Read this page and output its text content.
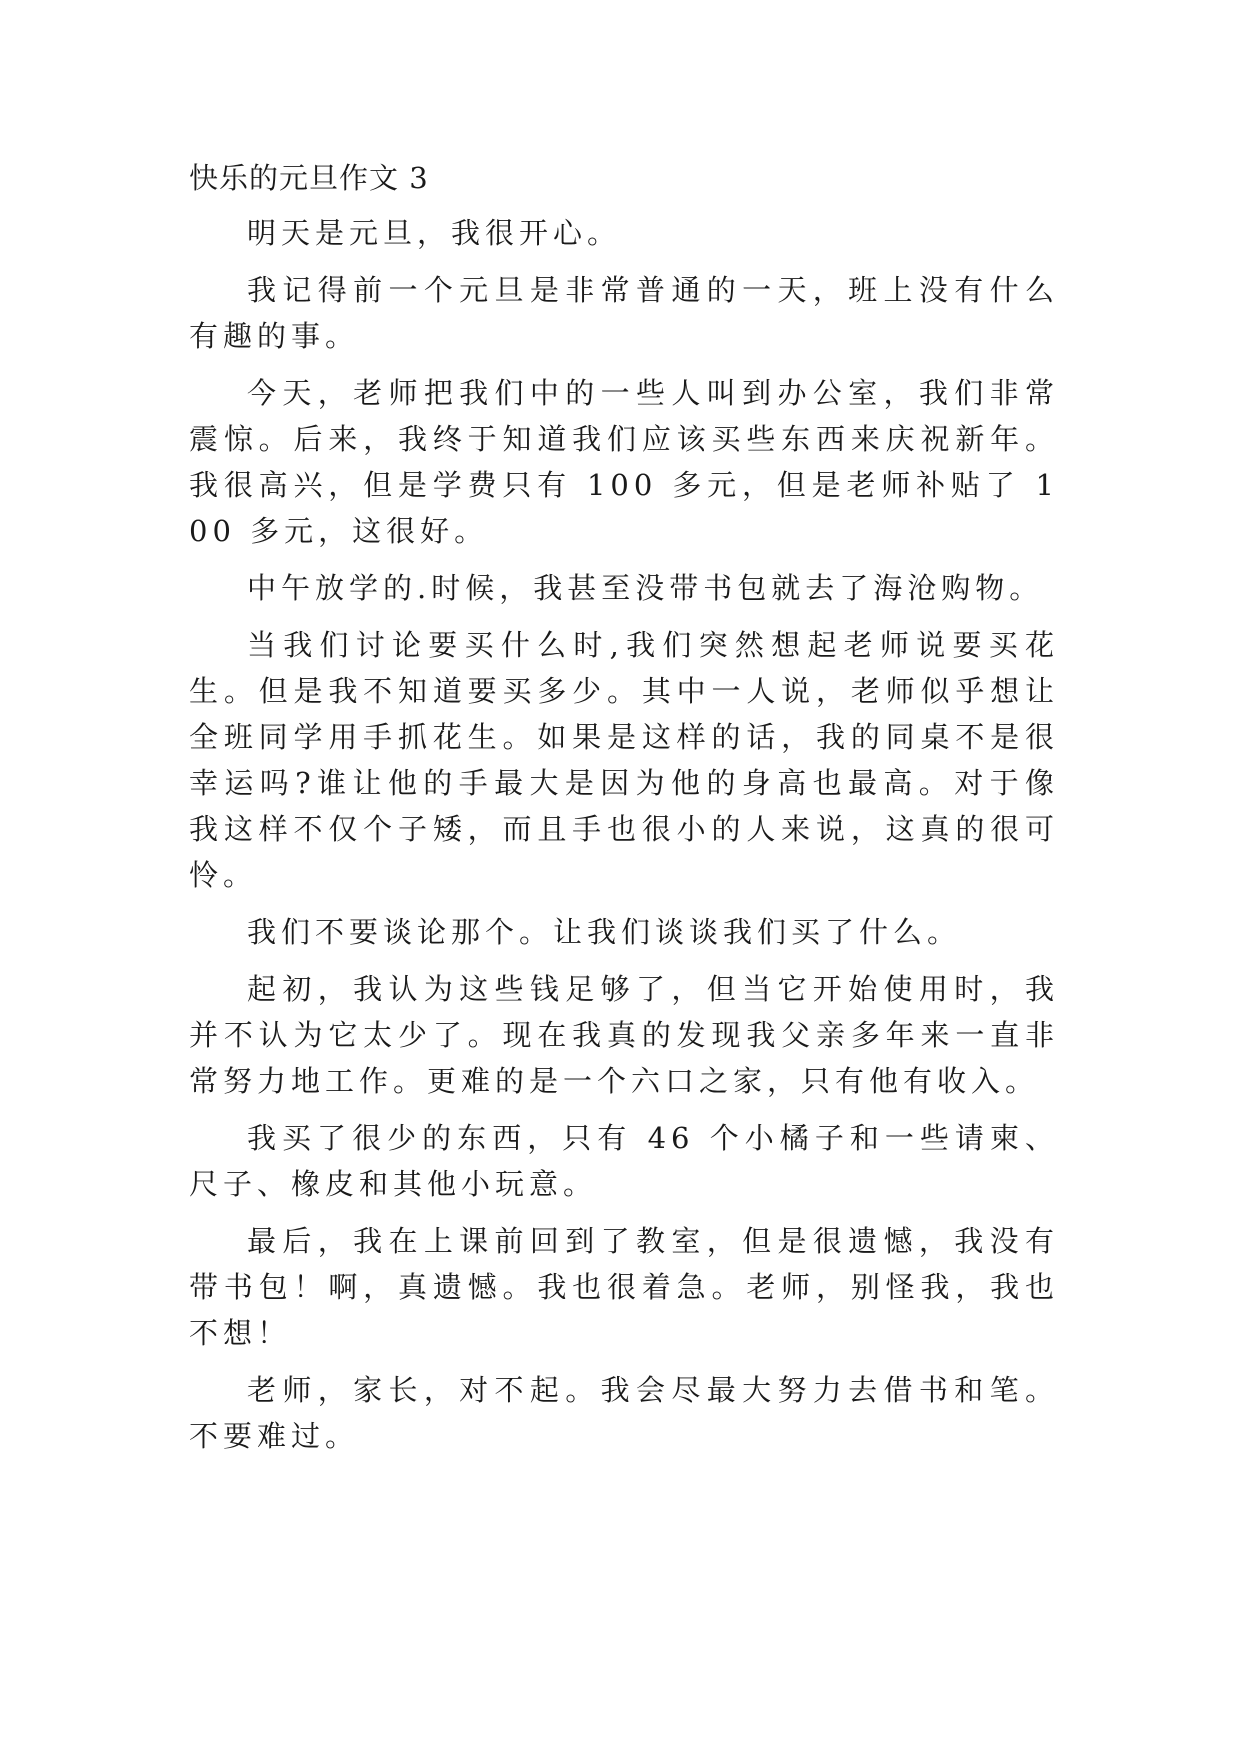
快乐的元旦作文 3

明天是元旦，我很开心。

我记得前一个元旦是非常普通的一天，班上没有什么有趣的事。

今天，老师把我们中的一些人叫到办公室，我们非常震惊。后来，我终于知道我们应该买些东西来庆祝新年。我很高兴，但是学费只有 100 多元，但是老师补贴了 100 多元，这很好。

中午放学的.时候，我甚至没带书包就去了海沧购物。

当我们讨论要买什么时,我们突然想起老师说要买花生。但是我不知道要买多少。其中一人说，老师似乎想让全班同学用手抓花生。如果是这样的话，我的同桌不是很幸运吗?谁让他的手最大是因为他的身高也最高。对于像我这样不仅个子矮，而且手也很小的人来说，这真的很可怜。

我们不要谈论那个。让我们谈谈我们买了什么。

起初，我认为这些钱足够了，但当它开始使用时，我并不认为它太少了。现在我真的发现我父亲多年来一直非常努力地工作。更难的是一个六口之家，只有他有收入。

我买了很少的东西，只有 46 个小橘子和一些请柬、尺子、橡皮和其他小玩意。

最后，我在上课前回到了教室，但是很遗憾，我没有带书包！啊，真遗憾。我也很着急。老师，别怪我，我也不想！

老师，家长，对不起。我会尽最大努力去借书和笔。不要难过。
